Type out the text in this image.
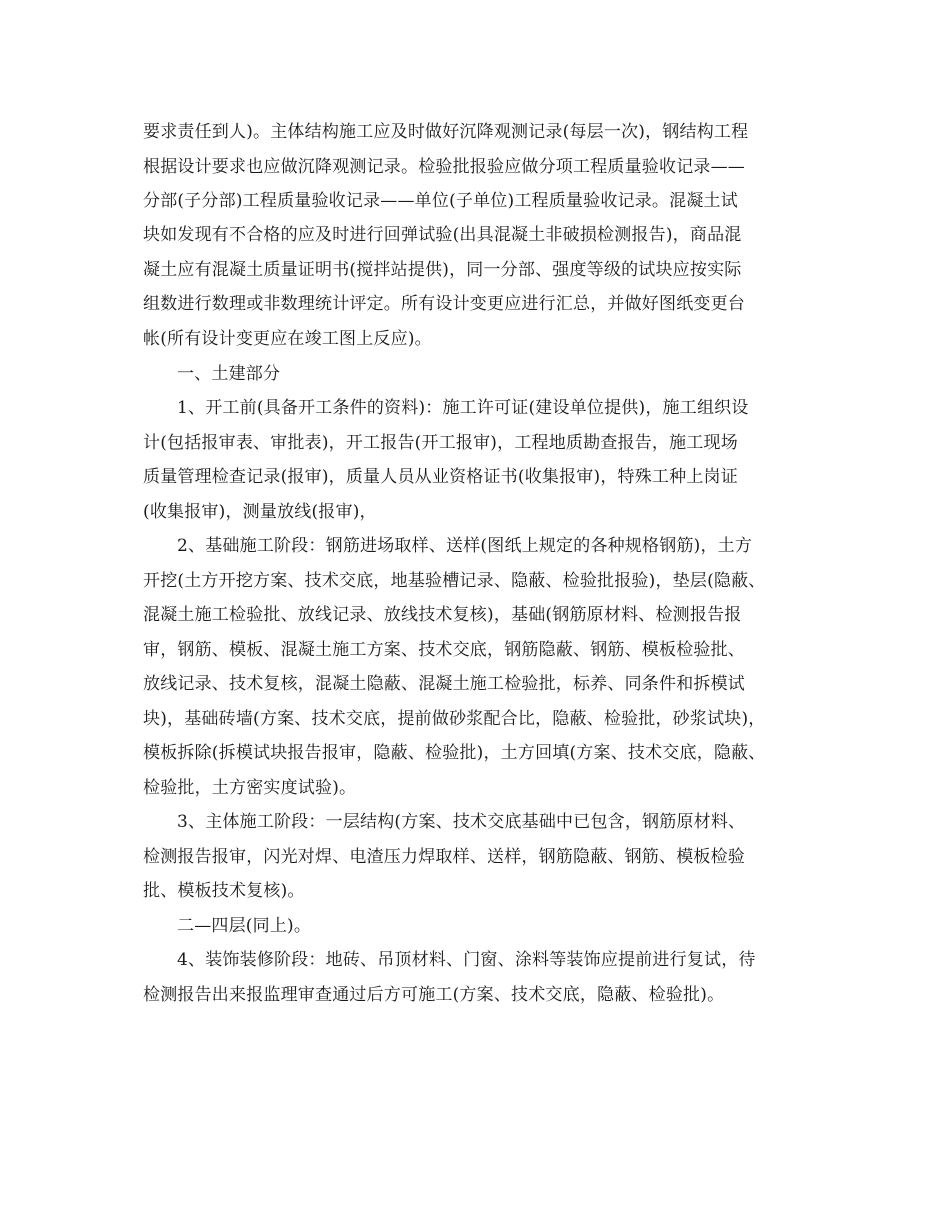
要求责任到人)。主体结构施工应及时做好沉降观测记录(每层一次)，钢结构工程
根据设计要求也应做沉降观测记录。检验批报验应做分项工程质量验收记录——
分部(子分部)工程质量验收记录——单位(子单位)工程质量验收记录。混凝土试
块如发现有不合格的应及时进行回弹试验(出具混凝土非破损检测报告)，商品混
凝土应有混凝土质量证明书(搅拌站提供)，同一分部、强度等级的试块应按实际
组数进行数理或非数理统计评定。所有设计变更应进行汇总，并做好图纸变更台
帐(所有设计变更应在竣工图上反应)。
一、土建部分
1、开工前(具备开工条件的资料)：施工许可证(建设单位提供)，施工组织设
计(包括报审表、审批表)，开工报告(开工报审)，工程地质勘查报告，施工现场
质量管理检查记录(报审)，质量人员从业资格证书(收集报审)，特殊工种上岗证
(收集报审)，测量放线(报审)，
2、基础施工阶段：钢筋进场取样、送样(图纸上规定的各种规格钢筋)，土方
开挖(土方开挖方案、技术交底，地基验槽记录、隐蔽、检验批报验)，垫层(隐蔽、
混凝土施工检验批、放线记录、放线技术复核)，基础(钢筋原材料、检测报告报
审，钢筋、模板、混凝土施工方案、技术交底，钢筋隐蔽、钢筋、模板检验批、
放线记录、技术复核，混凝土隐蔽、混凝土施工检验批，标养、同条件和拆模试
块)，基础砖墙(方案、技术交底，提前做砂浆配合比，隐蔽、检验批，砂浆试块)，
模板拆除(拆模试块报告报审，隐蔽、检验批)，土方回填(方案、技术交底，隐蔽、
检验批，土方密实度试验)。
3、主体施工阶段：一层结构(方案、技术交底基础中已包含，钢筋原材料、
检测报告报审，闪光对焊、电渣压力焊取样、送样，钢筋隐蔽、钢筋、模板检验
批、模板技术复核)。
二—四层(同上)。
4、装饰装修阶段：地砖、吊顶材料、门窗、涂料等装饰应提前进行复试，待
检测报告出来报监理审查通过后方可施工(方案、技术交底，隐蔽、检验批)。
